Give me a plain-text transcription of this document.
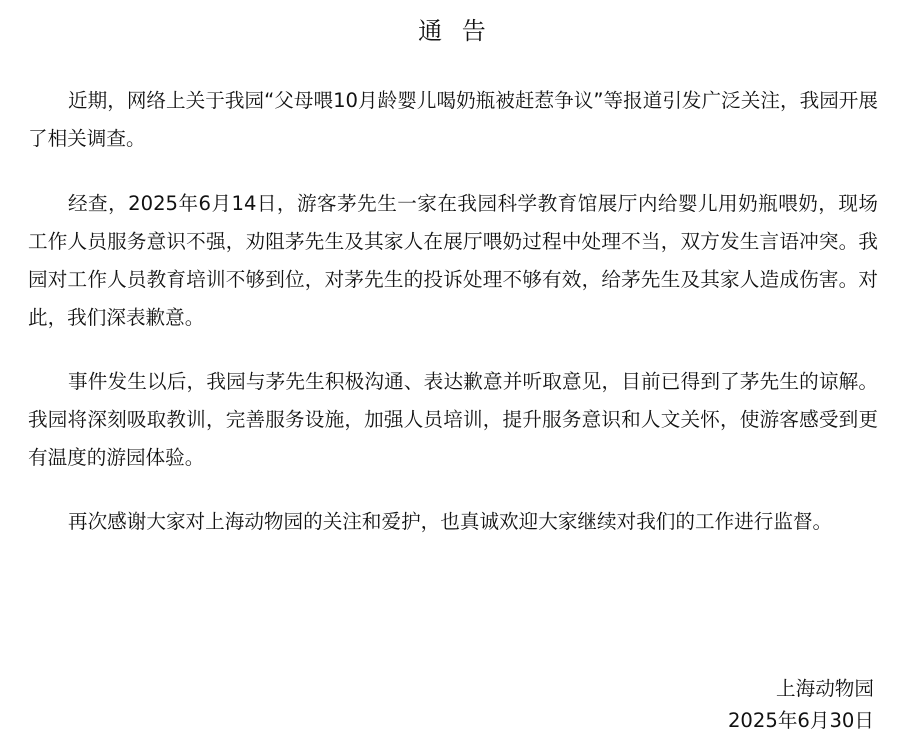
通 告

近期，网络上关于我园“父母喂10月龄婴儿喝奶瓶被赶惹争议”等报道引发广泛关注，我园开展了相关调查。

经查，2025年6月14日，游客茅先生一家在我园科学教育馆展厅内给婴儿用奶瓶喂奶，现场工作人员服务意识不强，劝阻茅先生及其家人在展厅喂奶过程中处理不当，双方发生言语冲突。我园对工作人员教育培训不够到位，对茅先生的投诉处理不够有效，给茅先生及其家人造成伤害。对此，我们深表歉意。

事件发生以后，我园与茅先生积极沟通、表达歉意并听取意见，目前已得到了茅先生的谅解。我园将深刻吸取教训，完善服务设施，加强人员培训，提升服务意识和人文关怀，使游客感受到更有温度的游园体验。

再次感谢大家对上海动物园的关注和爱护，也真诚欢迎大家继续对我们的工作进行监督。

上海动物园
2025年6月30日
